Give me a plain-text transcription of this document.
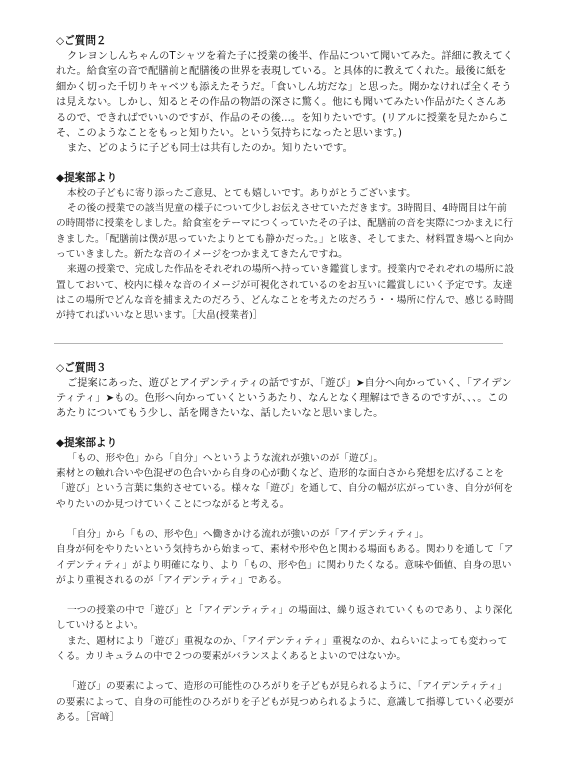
◇ご質問２

クレヨンしんちゃんのTシャツを着た子に授業の後半、作品について聞いてみた。詳細に教えてくれた。給食室の音で配膳前と配膳後の世界を表現している。と具体的に教えてくれた。最後に紙を細かく切った千切りキャベツも添えたそうだ。「食いしん坊だな」と思った。聞かなければ全くそうは見えない。しかし、知るとその作品の物語の深さに驚く。他にも聞いてみたい作品がたくさんあるので、できればでいいのですが、作品のその後...。を知りたいです。(リアルに授業を見たからこそ、このようなことをもっと知りたい。という気持ちになったと思います。)

また、どのように子ども同士は共有したのか。知りたいです。

◆提案部より

本校の子どもに寄り添ったご意見、とても嬉しいです。ありがとうございます。

その後の授業での該当児童の様子について少しお伝えさせていただきます。3時間目、4時間目は午前の時間帯に授業をしました。給食室をテーマにつくっていたその子は、配膳前の音を実際につかまえに行きました。「配膳前は僕が思っていたよりとても静かだった。」と呟き、そしてまた、材料置き場へと向かっていきました。新たな音のイメージをつかまえてきたんですね。

来週の授業で、完成した作品をそれぞれの場所へ持っていき鑑賞します。授業内でそれぞれの場所に設置しておいて、校内に様々な音のイメージが可視化されているのをお互いに鑑賞しにいく予定です。友達はこの場所でどんな音を捕まえたのだろう、どんなことを考えたのだろう・・場所に佇んで、感じる時間が持てればいいなと思います。［大畠(授業者)］

◇ご質問３

ご提案にあった、遊びとアイデンティティの話ですが、「遊び」➤自分へ向かっていく、「アイデンティティ」➤もの。色形へ向かっていくというあたり、なんとなく理解はできるのですが、、、。このあたりについてもう少し、話を聞きたいな、話したいなと思いました。

◆提案部より

「もの、形や色」から「自分」へというような流れが強いのが「遊び」。

素材との触れ合いや色混ぜの色合いから自身の心が動くなど、造形的な面白さから発想を広げることを「遊び」という言葉に集約させている。様々な「遊び」を通して、自分の幅が広がっていき、自分が何をやりたいのか見つけていくことにつながると考える。

「自分」から「もの、形や色」へ働きかける流れが強いのが「アイデンティティ」。

自身が何をやりたいという気持ちから始まって、素材や形や色と関わる場面もある。関わりを通して「アイデンティティ」がより明確になり、より「もの、形や色」に関わりたくなる。意味や価値、自身の思いがより重視されるのが「アイデンティティ」である。

一つの授業の中で「遊び」と「アイデンティティ」の場面は、繰り返されていくものであり、より深化していけるとよい。

また、題材により「遊び」重視なのか、「アイデンティティ」重視なのか、ねらいによっても変わってくる。カリキュラムの中で２つの要素がバランスよくあるとよいのではないか。

「遊び」の要素によって、造形の可能性のひろがりを子どもが見られるように、「アイデンティティ」の要素によって、自身の可能性のひろがりを子どもが見つめられるように、意識して指導していく必要がある。［宮﨑］
